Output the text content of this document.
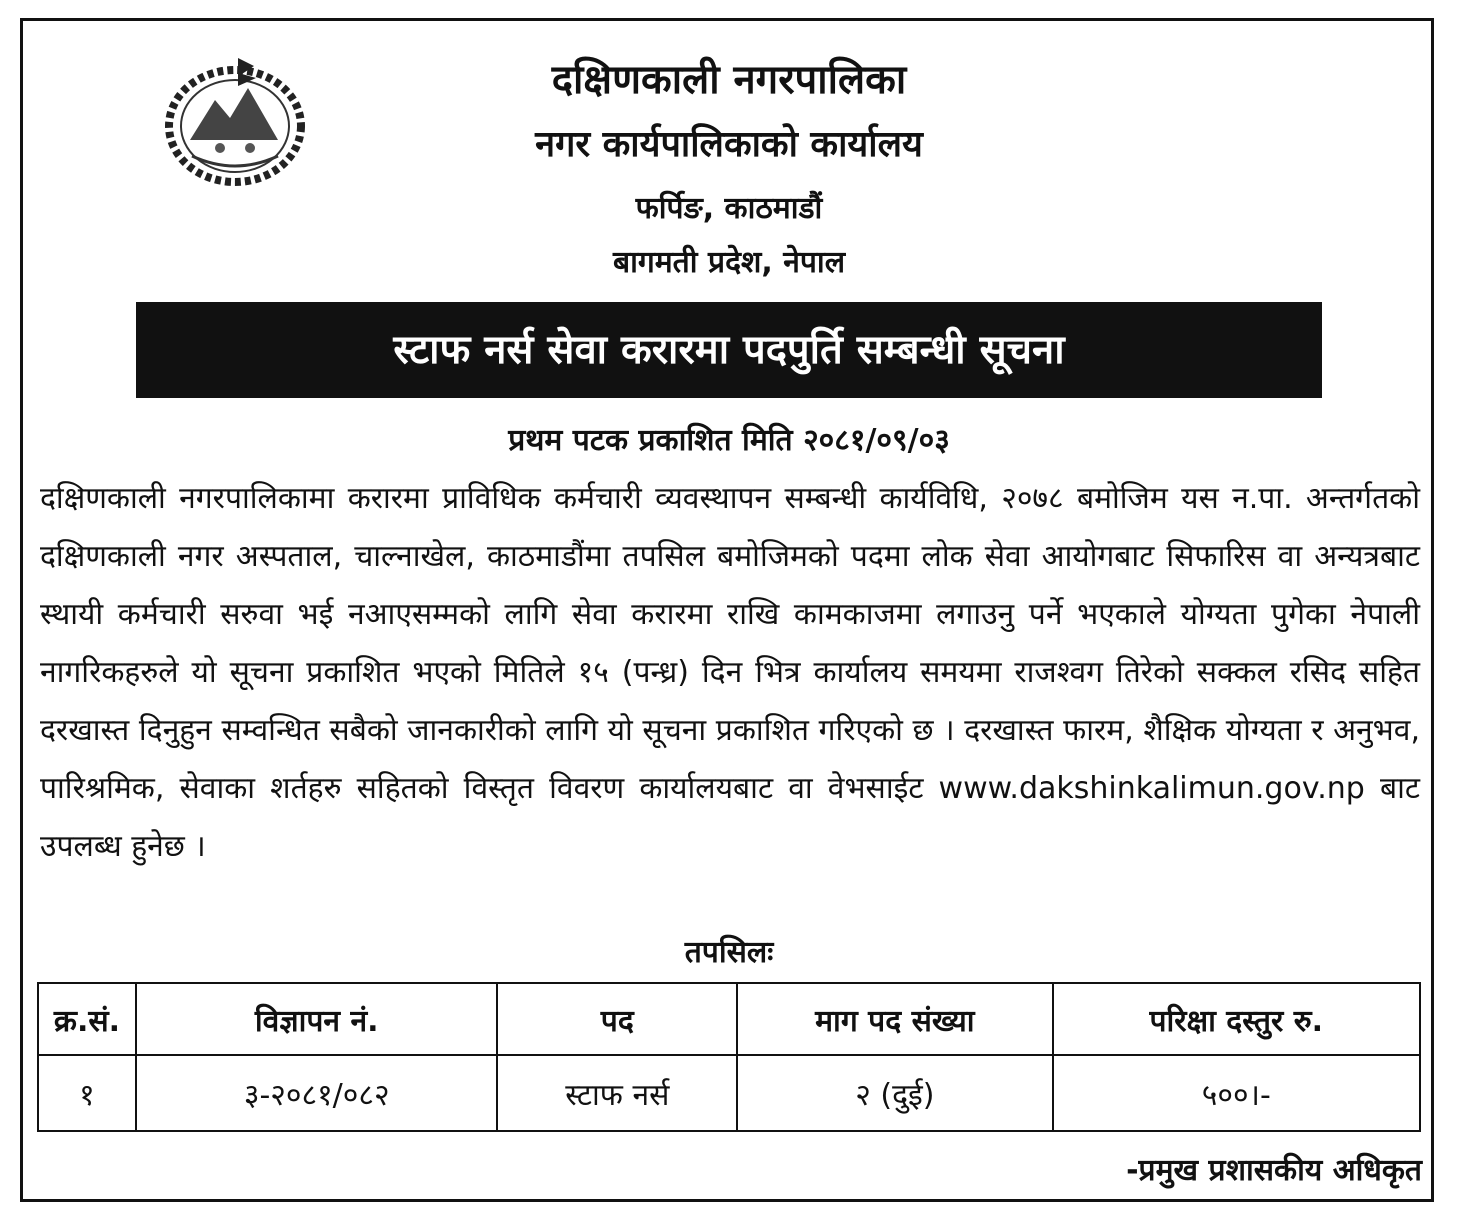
दक्षिणकाली नगरपालिका
नगर कार्यपालिकाको कार्यालय
फर्पिङ, काठमाडौं
बागमती प्रदेश, नेपाल
स्टाफ नर्स सेवा करारमा पदपुर्ति सम्बन्धी सूचना
प्रथम पटक प्रकाशित मिति २०८१/०९/०३
दक्षिणकाली नगरपालिकामा करारमा प्राविधिक कर्मचारी व्यवस्थापन सम्बन्धी कार्यविधि, २०७८ बमोजिम यस न.पा. अन्तर्गतको दक्षिणकाली नगर अस्पताल, चाल्नाखेल, काठमाडौंमा तपसिल बमोजिमको पदमा लोक सेवा आयोगबाट सिफारिस वा अन्यत्रबाट स्थायी कर्मचारी सरुवा भई नआएसम्मको लागि सेवा करारमा राखि कामकाजमा लगाउनु पर्ने भएकाले योग्यता पुगेका नेपाली नागरिकहरुले यो सूचना प्रकाशित भएको मितिले १५ (पन्ध्र) दिन भित्र कार्यालय समयमा राजश्वग तिरेको सक्कल रसिद सहित दरखास्त दिनुहुन सम्वन्धित सबैको जानकारीको लागि यो सूचना प्रकाशित गरिएको छ । दरखास्त फारम, शैक्षिक योग्यता र अनुभव, पारिश्रमिक, सेवाका शर्तहरु सहितको विस्तृत विवरण कार्यालयबाट वा वेभसाईट www.dakshinkalimun.gov.np बाट उपलब्ध हुनेछ ।
तपसिलः
क्र.सं.	विज्ञापन नं.	पद	माग पद संख्या	परिक्षा दस्तुर रु.
१	३-२०८१/०८२	स्टाफ नर्स	२ (दुई)	५००।-
-प्रमुख प्रशासकीय अधिकृत
